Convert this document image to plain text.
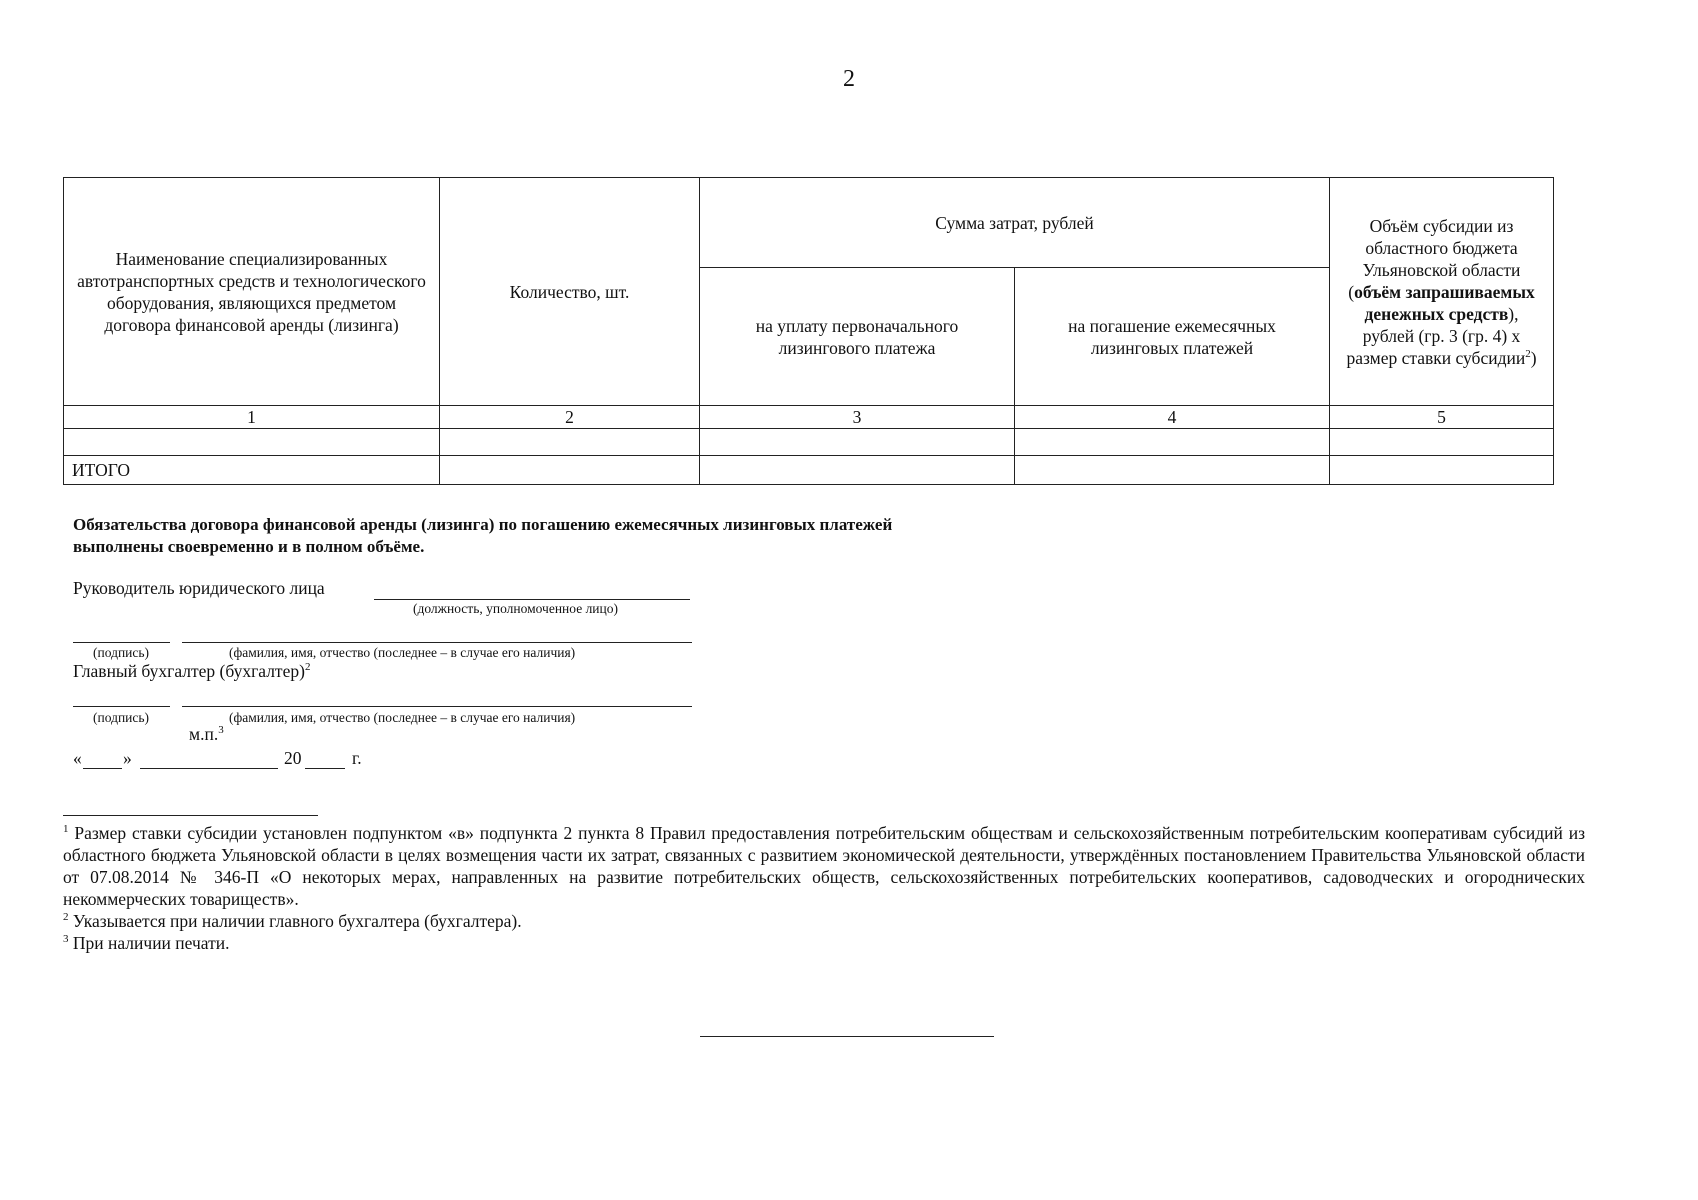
2
Наименование специализированных автотранспортных средств и технологического оборудования, являющихся предметом договора финансовой аренды (лизинга)	Количество, шт.	Сумма затрат, рублей		Объём субсидии из областного бюджета Ульяновской области (объём запрашиваемых денежных средств), рублей (гр. 3 (гр. 4) х размер ставки субсидии$^2$)
		на уплату первоначального лизингового платежа	на погашение ежемесячных лизинговых платежей	
1	2	3	4	5

ИТОГО				
Обязательства договора финансовой аренды (лизинга) по погашению ежемесячных лизинговых платежей выполнены своевременно и в полном объёме.
Руководитель юридического лица
(должность, уполномоченное лицо)
(подпись)	(фамилия, имя, отчество (последнее – в случае его наличия)
Главный бухгалтер (бухгалтер)$^2$
(подпись)	(фамилия, имя, отчество (последнее – в случае его наличия)
м.п.$^3$
« »	20	г.

$^1$ Размер ставки субсидии установлен подпунктом «в» подпункта 2 пункта 8 Правил предоставления потребительским обществам и сельскохозяйственным потребительским кооперативам субсидий из областного бюджета Ульяновской области в целях возмещения части их затрат, связанных с развитием экономической деятельности, утверждённых постановлением Правительства Ульяновской области от 07.08.2014 № 346-П «О некоторых мерах, направленных на развитие потребительских обществ, сельскохозяйственных потребительских кооперативов, садоводческих и огороднических некоммерческих товариществ».

$^2$ Указывается при наличии главного бухгалтера (бухгалтера).

$^3$ При наличии печати.
